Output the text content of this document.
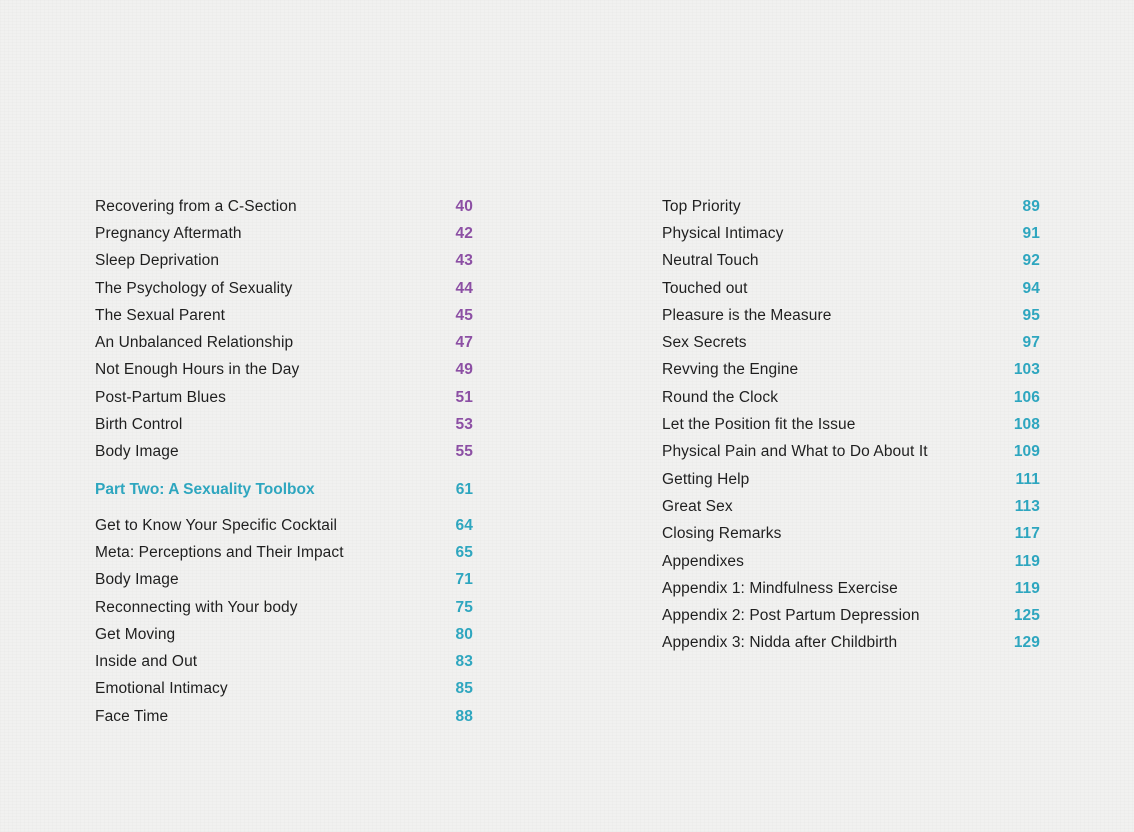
Recovering from a C-Section	40
Pregnancy Aftermath	42
Sleep Deprivation	43
The Psychology of Sexuality	44
The Sexual Parent	45
An Unbalanced Relationship	47
Not Enough Hours in the Day	49
Post-Partum Blues	51
Birth Control	53
Body Image	55
Part Two: A Sexuality Toolbox	61
Get to Know Your Specific Cocktail	64
Meta: Perceptions and Their Impact	65
Body Image	71
Reconnecting with Your body	75
Get Moving	80
Inside and Out	83
Emotional Intimacy	85
Face Time	88
Top Priority	89
Physical Intimacy	91
Neutral Touch	92
Touched out	94
Pleasure is the Measure	95
Sex Secrets	97
Revving the Engine	103
Round the Clock	106
Let the Position fit the Issue	108
Physical Pain and What to Do About It	109
Getting Help	111
Great Sex	113
Closing Remarks	117
Appendixes	119
Appendix 1: Mindfulness Exercise	119
Appendix 2: Post Partum Depression	125
Appendix 3: Nidda after Childbirth	129
